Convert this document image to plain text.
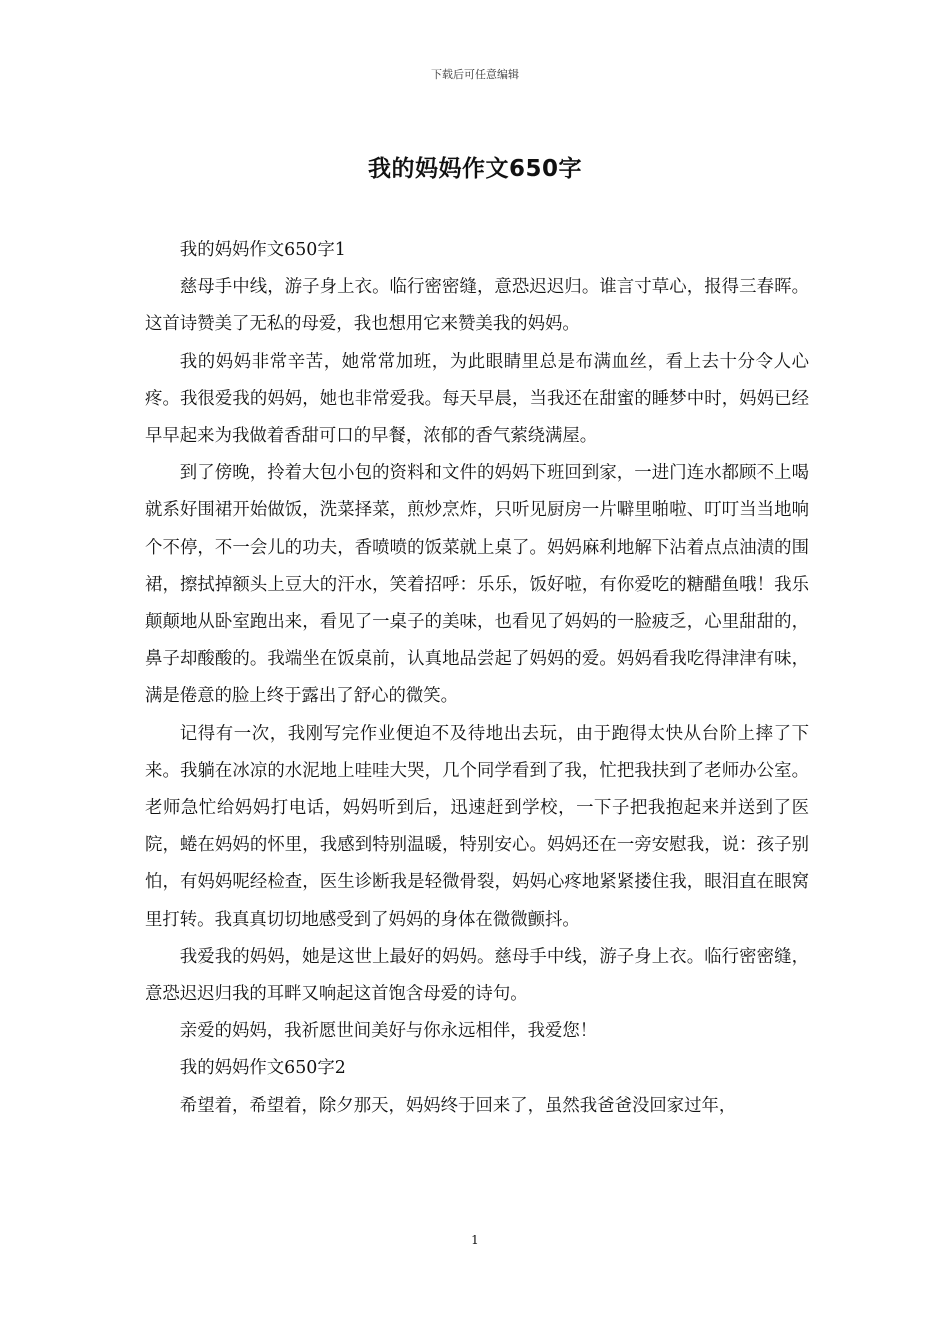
下载后可任意编辑
我的妈妈作文650字

我的妈妈作文650字1

慈母手中线，游子身上衣。临行密密缝，意恐迟迟归。谁言寸草心，报得三春晖。这首诗赞美了无私的母爱，我也想用它来赞美我的妈妈。

我的妈妈非常辛苦，她常常加班，为此眼睛里总是布满血丝，看上去十分令人心疼。我很爱我的妈妈，她也非常爱我。每天早晨，当我还在甜蜜的睡梦中时，妈妈已经早早起来为我做着香甜可口的早餐，浓郁的香气萦绕满屋。

到了傍晚，拎着大包小包的资料和文件的妈妈下班回到家，一进门连水都顾不上喝就系好围裙开始做饭，洗菜择菜，煎炒烹炸，只听见厨房一片噼里啪啦、叮叮当当地响个不停，不一会儿的功夫，香喷喷的饭菜就上桌了。妈妈麻利地解下沾着点点油渍的围裙，擦拭掉额头上豆大的汗水，笑着招呼：乐乐，饭好啦，有你爱吃的糖醋鱼哦！我乐颠颠地从卧室跑出来，看见了一桌子的美味，也看见了妈妈的一脸疲乏，心里甜甜的，鼻子却酸酸的。我端坐在饭桌前，认真地品尝起了妈妈的爱。妈妈看我吃得津津有味，满是倦意的脸上终于露出了舒心的微笑。

记得有一次，我刚写完作业便迫不及待地出去玩，由于跑得太快从台阶上摔了下来。我躺在冰凉的水泥地上哇哇大哭，几个同学看到了我，忙把我扶到了老师办公室。老师急忙给妈妈打电话，妈妈听到后，迅速赶到学校，一下子把我抱起来并送到了医院，蜷在妈妈的怀里，我感到特别温暖，特别安心。妈妈还在一旁安慰我，说：孩子别怕，有妈妈呢经检查，医生诊断我是轻微骨裂，妈妈心疼地紧紧搂住我，眼泪直在眼窝里打转。我真真切切地感受到了妈妈的身体在微微颤抖。

我爱我的妈妈，她是这世上最好的妈妈。慈母手中线，游子身上衣。临行密密缝，意恐迟迟归我的耳畔又响起这首饱含母爱的诗句。

亲爱的妈妈，我祈愿世间美好与你永远相伴，我爱您！

我的妈妈作文650字2

希望着，希望着，除夕那天，妈妈终于回来了，虽然我爸爸没回家过年，

1
